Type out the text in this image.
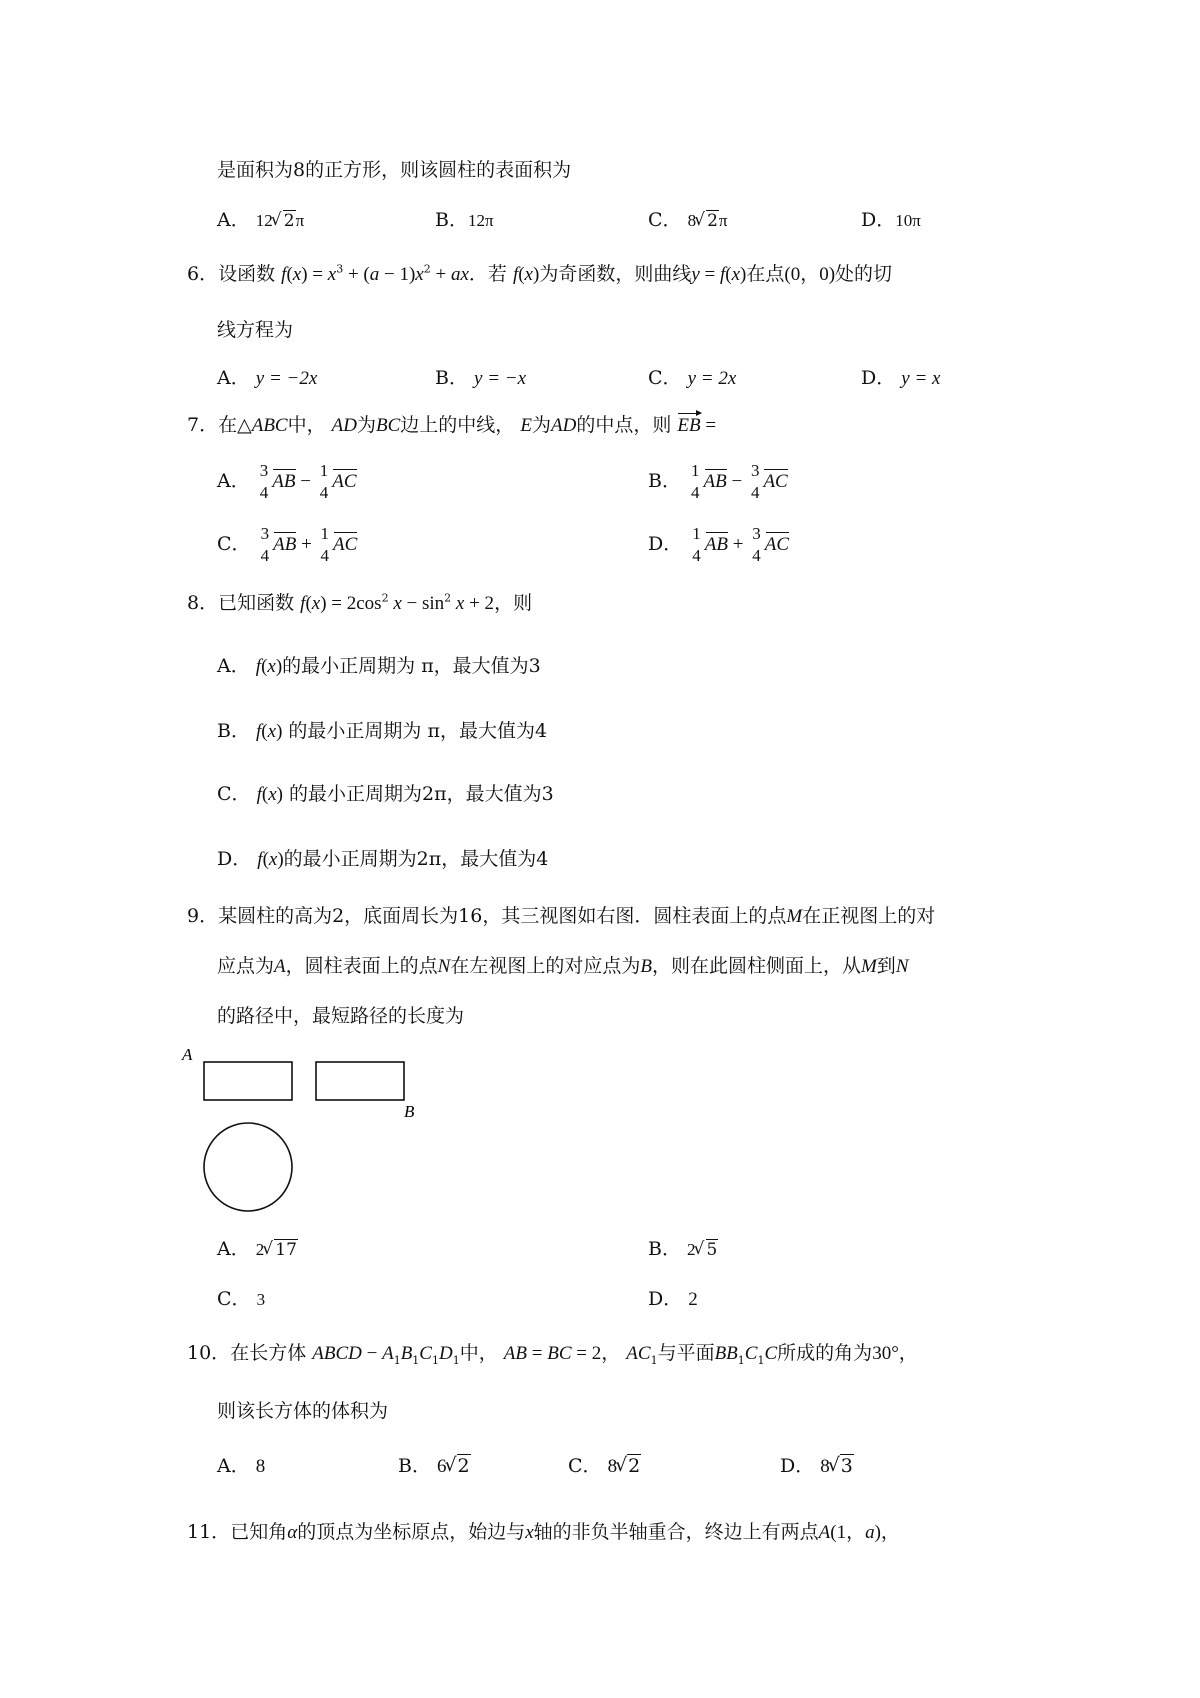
是面积为8的正方形，则该圆柱的表面积为
A． 12 √ 2π	B．12π	C． 8 √ 2π	D．10π
6．设函数 $f(x) = x^3 + (a - 1)x^2$ + ax．若 f(x)为奇函数，则曲线y = f(x)在点(0，0)处的切
线方程为
A． y = −2x	B． y = −x	C． y = 2x	D． y = x
7．在△ABC中， AD为BC边上的中线， E为AD的中点，则 EB =
A． 3
4
AB −
1
4
AC	B． 1
4
AB −
3
4
AC
C． 3
4
AB +
1
4
AC	D． 1
4
AB +
3
4
AC
8．已知函数 $f(x) = 2\cos^2$ $x - \sin^2 x + 2$，则
A． f(x)的最小正周期为 π，最大值为3
B． f(x) 的最小正周期为 π，最大值为4
C． f(x) 的最小正周期为2π，最大值为3
D． f(x)的最小正周期为2π，最大值为4
9．某圆柱的高为2，底面周长为16，其三视图如右图．圆柱表面上的点M在正视图上的对
应点为A，圆柱表面上的点N在左视图上的对应点为B，则在此圆柱侧面上，从M到N
的路径中，最短路径的长度为
A
B
A． 2 √ 17	B． 2 √ 5
C． 3	D． 2
10．在长方体 ABCD − $A_1B_1C_1D_1$中， AB = BC = 2， $AC_1$与平面$BB_1C_1C$所成的角为30°，
则该长方体的体积为
A． 8	B． 6 √ 2	C． 8 √ 2	D． 8 √ 3
11．已知角α的顶点为坐标原点，始边与x轴的非负半轴重合，终边上有两点A(1，a)，
